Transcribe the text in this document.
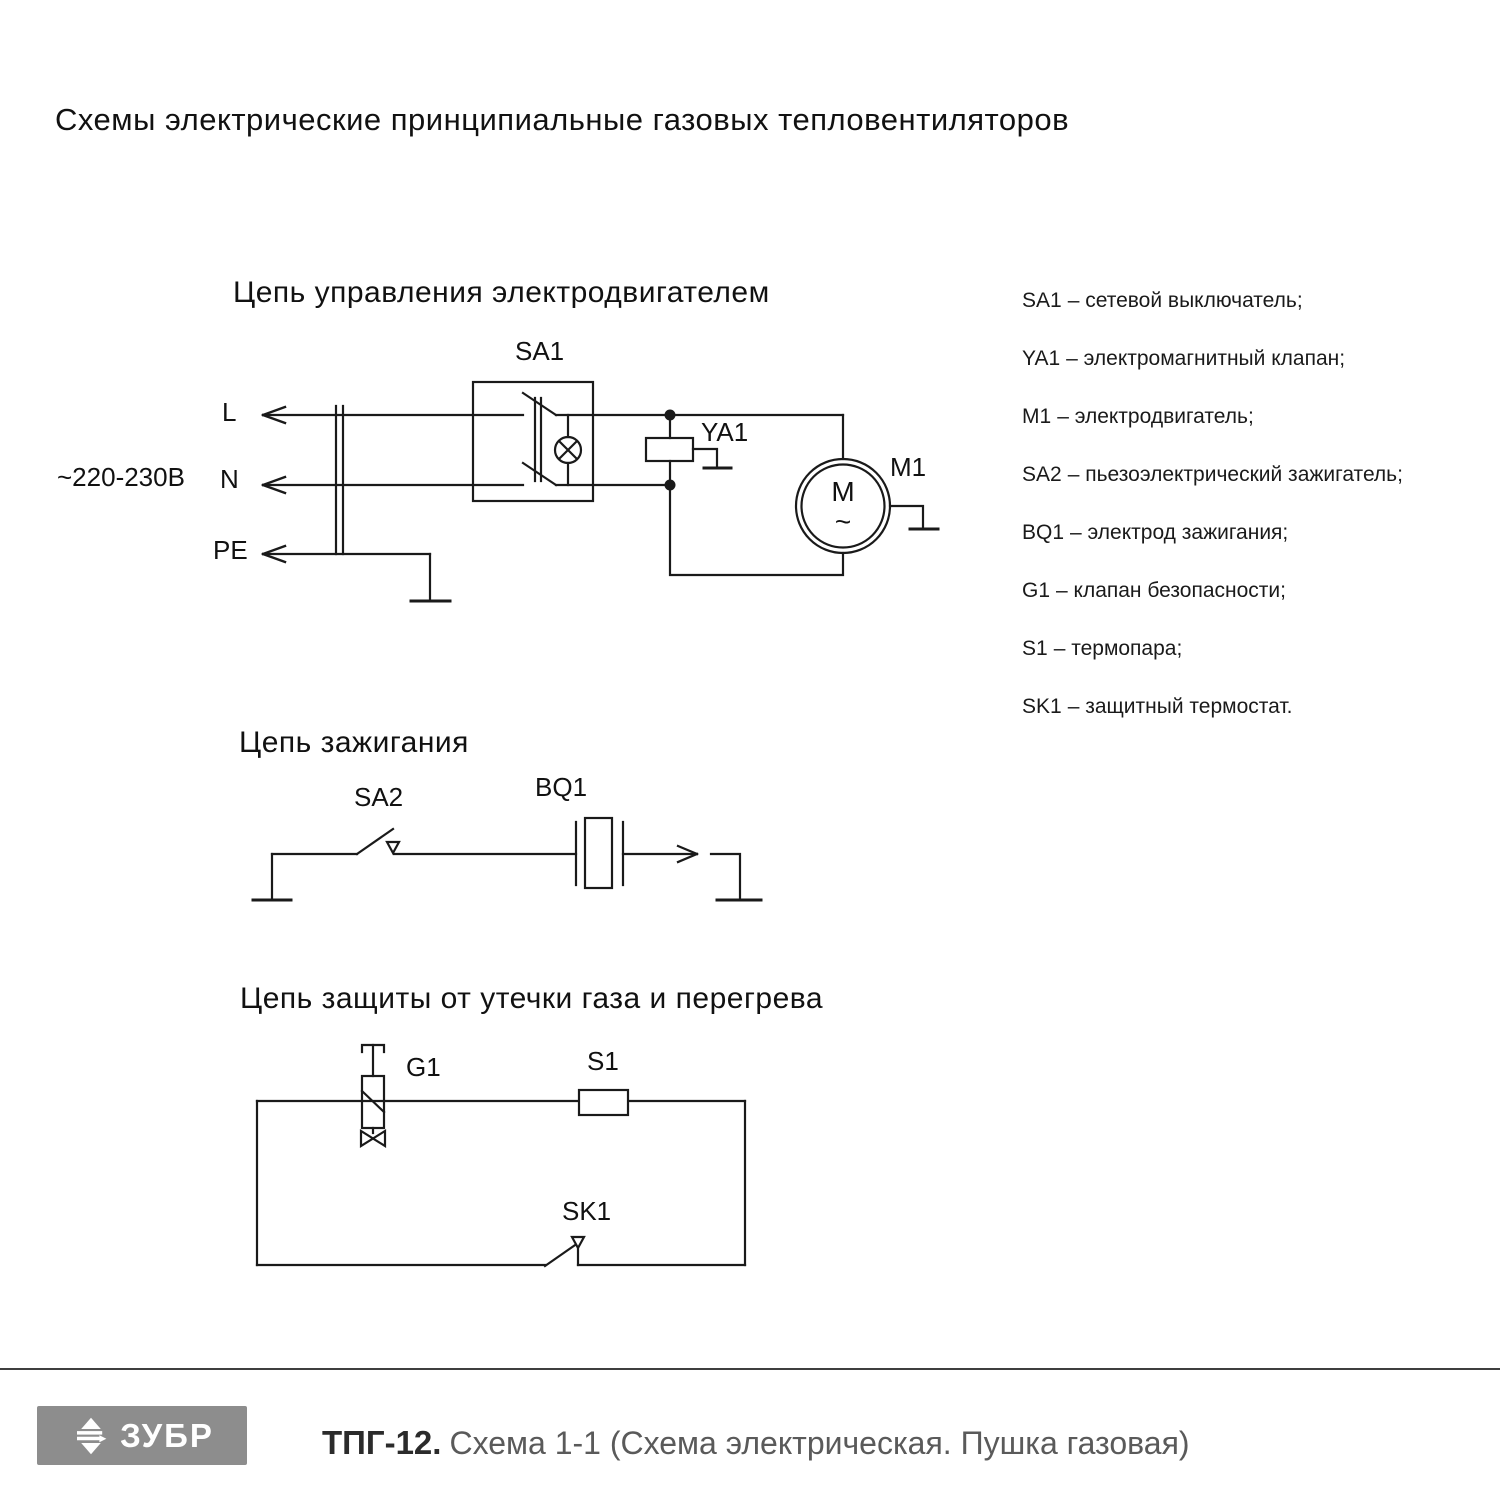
Схемы электрические принципиальные газовых тепловентиляторов
Цепь управления электродвигателем
SA1
YA1
M1
L
N
PE
~220-230В	M
~
Цепь зажигания
SA2	BQ1
Цепь защиты от утечки газа и перегрева
G1	S1
SK1
SA1 – сетевой выключатель;
YA1 – электромагнитный клапан;
M1 – электродвигатель;
SA2 – пьезоэлектрический зажигатель;
BQ1 – электрод зажигания;
G1 – клапан безопасности;
S1 – термопара;
SK1 – защитный термостат.
ЗУБР	ТПГ-12. Схема 1-1 (Схема электрическая. Пушка газовая)
